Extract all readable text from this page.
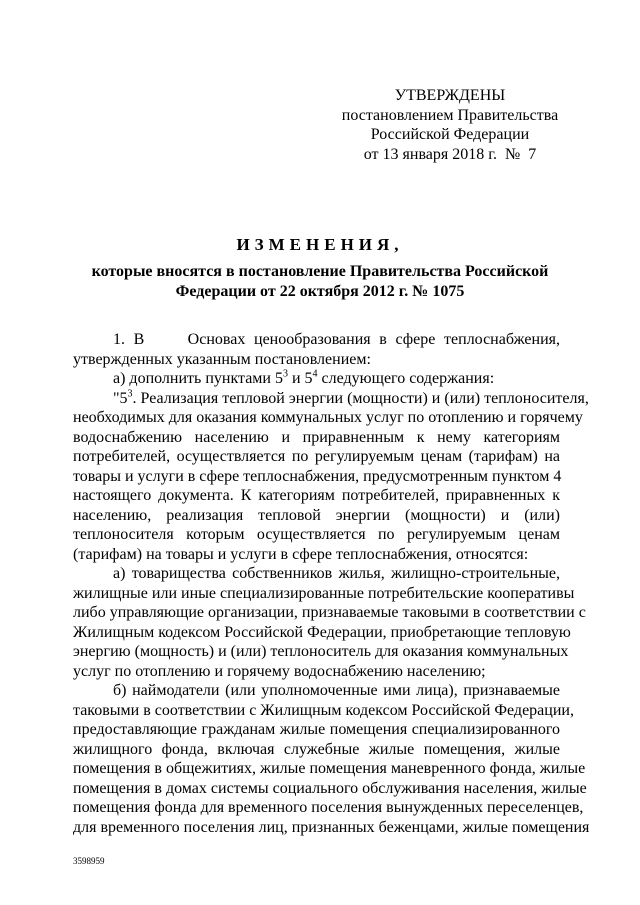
УТВЕРЖДЕНЫ
постановлением Правительства
Российской Федерации
от 13 января 2018 г.  №  7
ИЗМЕНЕНИЯ,
которые вносятся в постановление Правительства Российской
Федерации от 22 октября 2012 г. № 1075
1. В	Основах ценообразования в сфере теплоснабжения,
утвержденных указанным постановлением:
а) дополнить пунктами $5^3$ и $5^4$ следующего содержания:
"$5^3$. Реализация тепловой энергии (мощности) и (или) теплоносителя,
необходимых для оказания коммунальных услуг по отоплению и горячему
водоснабжению населению и приравненным к нему категориям
потребителей, осуществляется по регулируемым ценам (тарифам) на
товары и услуги в сфере теплоснабжения, предусмотренным пунктом 4
настоящего документа. К категориям потребителей, приравненных к
населению, реализация тепловой энергии (мощности) и (или)
теплоносителя которым осуществляется по регулируемым ценам
(тарифам) на товары и услуги в сфере теплоснабжения, относятся:
а) товарищества собственников жилья, жилищно-строительные,
жилищные или иные специализированные потребительские кооперативы
либо управляющие организации, признаваемые таковыми в соответствии с
Жилищным кодексом Российской Федерации, приобретающие тепловую
энергию (мощность) и (или) теплоноситель для оказания коммунальных
услуг по отоплению и горячему водоснабжению населению;
б) наймодатели (или уполномоченные ими лица), признаваемые
таковыми в соответствии с Жилищным кодексом Российской Федерации,
предоставляющие гражданам жилые помещения специализированного
жилищного фонда, включая служебные жилые помещения, жилые
помещения в общежитиях, жилые помещения маневренного фонда, жилые
помещения в домах системы социального обслуживания населения, жилые
помещения фонда для временного поселения вынужденных переселенцев,
для временного поселения лиц, признанных беженцами, жилые помещения
3598959
